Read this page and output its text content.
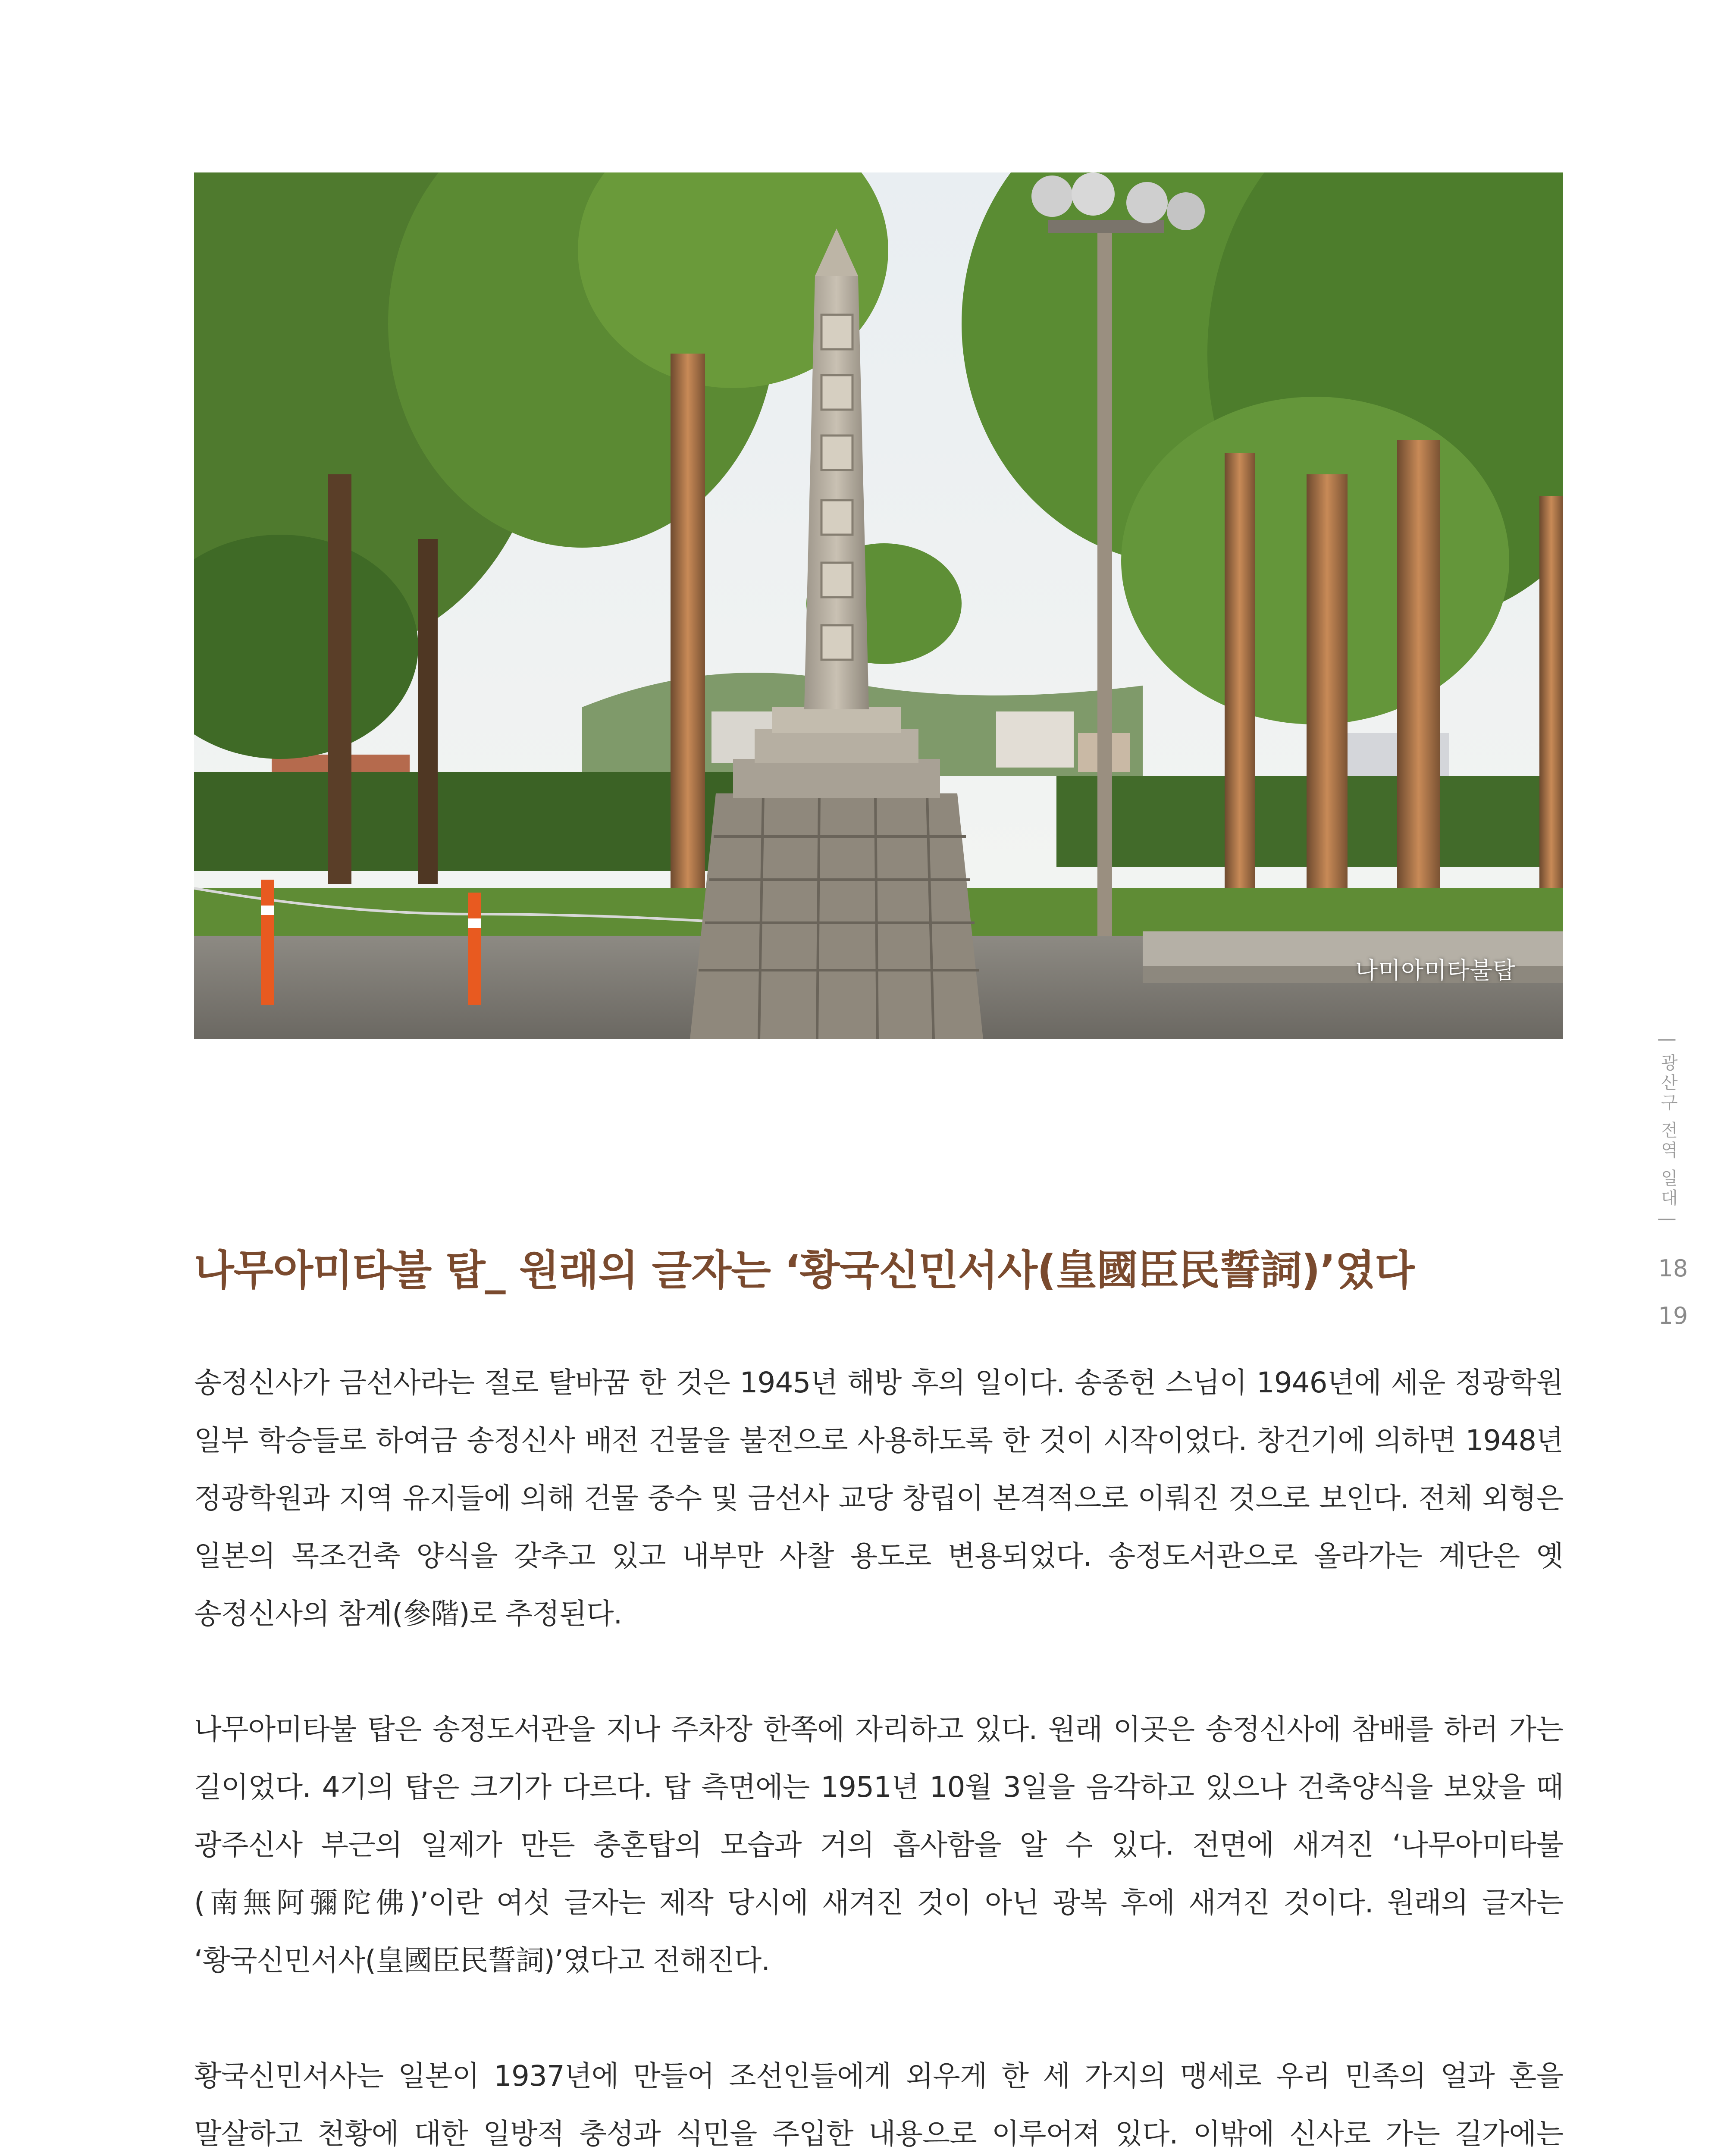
나미아미타불탑
| 광산구 전역 일대 |
18
19
나무아미타불 탑_ 원래의 글자는 ‘황국신민서사(皇國臣民誓詞)’였다

송정신사가 금선사라는 절로 탈바꿈 한 것은 1945년 해방 후의 일이다. 송종헌 스님이 1946년에 세운 정광학원 일부 학승들로 하여금 송정신사 배전 건물을 불전으로 사용하도록 한 것이 시작이었다. 창건기에 의하면 1948년 정광학원과 지역 유지들에 의해 건물 중수 및 금선사 교당 창립이 본격적으로 이뤄진 것으로 보인다. 전체 외형은 일본의 목조건축 양식을 갖추고 있고 내부만 사찰 용도로 변용되었다. 송정도서관으로 올라가는 계단은 옛 송정신사의 참계(參階)로 추정된다.

나무아미타불 탑은 송정도서관을 지나 주차장 한쪽에 자리하고 있다. 원래 이곳은 송정신사에 참배를 하러 가는 길이었다. 4기의 탑은 크기가 다르다. 탑 측면에는 1951년 10월 3일을 음각하고 있으나 건축양식을 보았을 때 광주신사 부근의 일제가 만든 충혼탑의 모습과 거의 흡사함을 알 수 있다. 전면에 새겨진 ‘나무아미타불(南無阿彌陀佛)’이란 여섯 글자는 제작 당시에 새겨진 것이 아닌 광복 후에 새겨진 것이다. 원래의 글자는 ‘황국신민서사(皇國臣民誓詞)’였다고 전해진다.

황국신민서사는 일본이 1937년에 만들어 조선인들에게 외우게 한 세 가지의 맹세로 우리 민족의 얼과 혼을 말살하고 천황에 대한 일방적 충성과 식민을 주입한 내용으로 이루어져 있다. 이밖에 신사로 가는 길가에는
